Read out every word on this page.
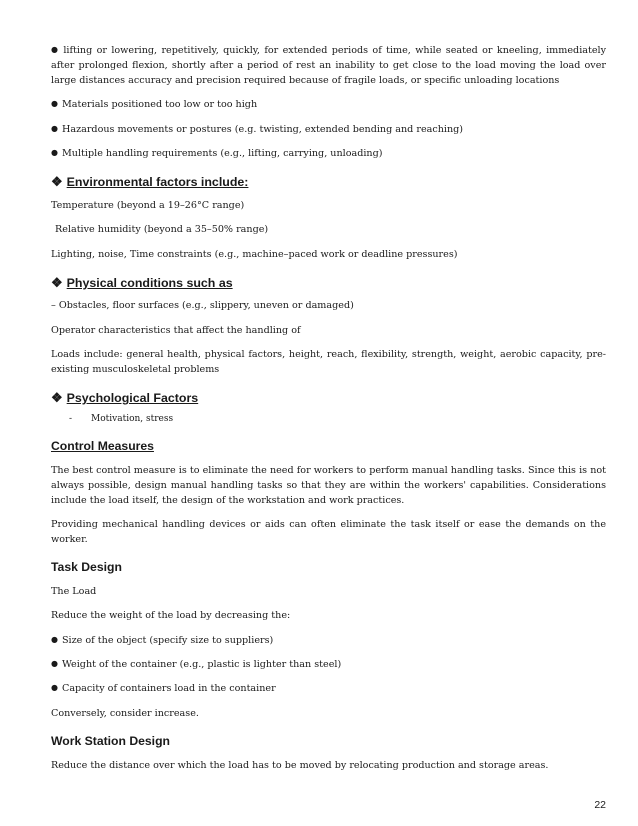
● lifting or lowering, repetitively, quickly, for extended periods of time, while seated or kneeling, immediately after prolonged flexion, shortly after a period of rest an inability to get close to the load moving the load over large distances accuracy and precision required because of fragile loads, or specific unloading locations

● Materials positioned too low or too high

● Hazardous movements or postures (e.g. twisting, extended bending and reaching)

● Multiple handling requirements (e.g., lifting, carrying, unloading)

❖ Environmental factors include:

Temperature (beyond a 19–26°C range)

Relative humidity (beyond a 35–50% range)

Lighting, noise, Time constraints (e.g., machine–paced work or deadline pressures)

❖ Physical conditions such as

– Obstacles, floor surfaces (e.g., slippery, uneven or damaged)

Operator characteristics that affect the handling of

Loads include: general health, physical factors, height, reach, flexibility, strength, weight, aerobic capacity, pre-existing musculoskeletal problems

❖ Psychological Factors
- Motivation, stress
Control Measures

The best control measure is to eliminate the need for workers to perform manual handling tasks. Since this is not always possible, design manual handling tasks so that they are within the workers' capabilities. Considerations include the load itself, the design of the workstation and work practices.

Providing mechanical handling devices or aids can often eliminate the task itself or ease the demands on the worker.

Task Design

The Load

Reduce the weight of the load by decreasing the:

● Size of the object (specify size to suppliers)

● Weight of the container (e.g., plastic is lighter than steel)

● Capacity of containers load in the container

Conversely, consider increase.

Work Station Design

Reduce the distance over which the load has to be moved by relocating production and storage areas.

22
